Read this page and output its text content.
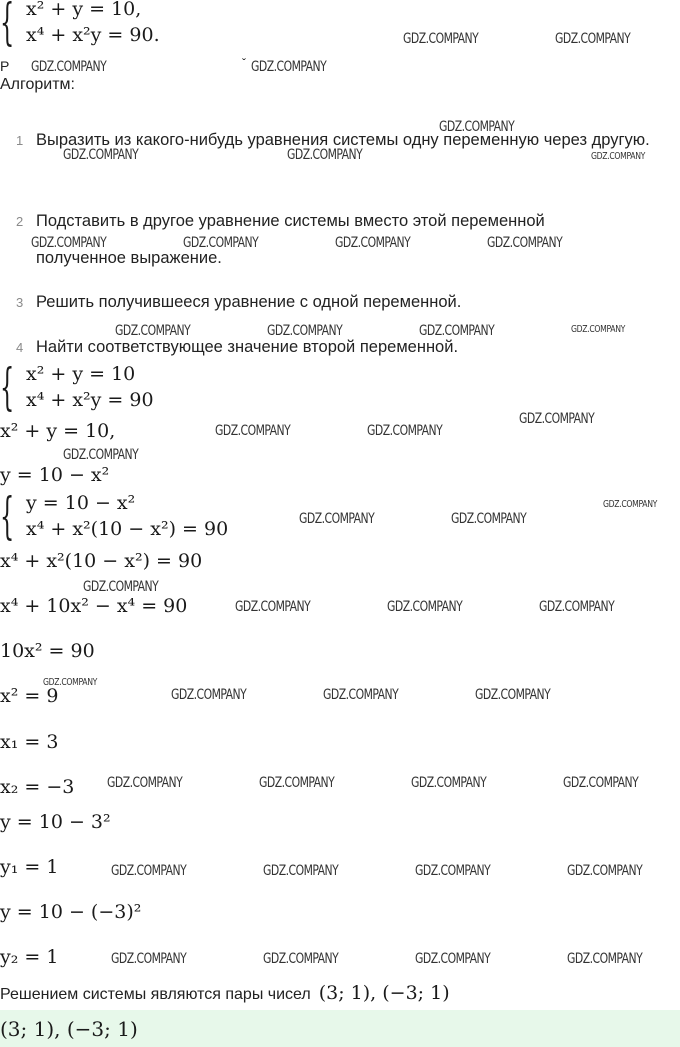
{ x² + y = 10,
x⁴ + x²y = 90.
Р	ˇ
Алгоритм:
1 Выразить из какого-нибудь уравнения системы одну переменную через другую.
2 Подставить в другое уравнение системы вместо этой переменной полученное выражение.
3 Решить получившееся уравнение с одной переменной.
4 Найти соответствующее значение второй переменной.
{ x² + y = 10
x⁴ + x²y = 90
x² + y = 10,
y = 10 − x²
{ y = 10 − x²
x⁴ + x²(10 − x²) = 90
x⁴ + x²(10 − x²) = 90
x⁴ + 10x² − x⁴ = 90
10x² = 90
x² = 9
x₁ = 3
x₂ = −3
y = 10 − 3²
y₁ = 1
y = 10 − (−3)²
y₂ = 1
Решением системы являются пары чисел (3; 1), (−3; 1)
(3; 1), (−3; 1)
GDZ.COMPANY	GDZ.COMPANY
GDZ.COMPANY	GDZ.COMPANY
GDZ.COMPANY
GDZ.COMPANY	GDZ.COMPANY	GDZ.COMPANY
GDZ.COMPANY	GDZ.COMPANY	GDZ.COMPANY	GDZ.COMPANY
GDZ.COMPANY	GDZ.COMPANY	GDZ.COMPANY	GDZ.COMPANY
GDZ.COMPANY
GDZ.COMPANY	GDZ.COMPANY
GDZ.COMPANY
GDZ.COMPANY
GDZ.COMPANY	GDZ.COMPANY
GDZ.COMPANY
GDZ.COMPANY	GDZ.COMPANY	GDZ.COMPANY
GDZ.COMPANY
GDZ.COMPANY	GDZ.COMPANY	GDZ.COMPANY
GDZ.COMPANY	GDZ.COMPANY	GDZ.COMPANY	GDZ.COMPANY
GDZ.COMPANY	GDZ.COMPANY	GDZ.COMPANY	GDZ.COMPANY
GDZ.COMPANY	GDZ.COMPANY	GDZ.COMPANY	GDZ.COMPANY
